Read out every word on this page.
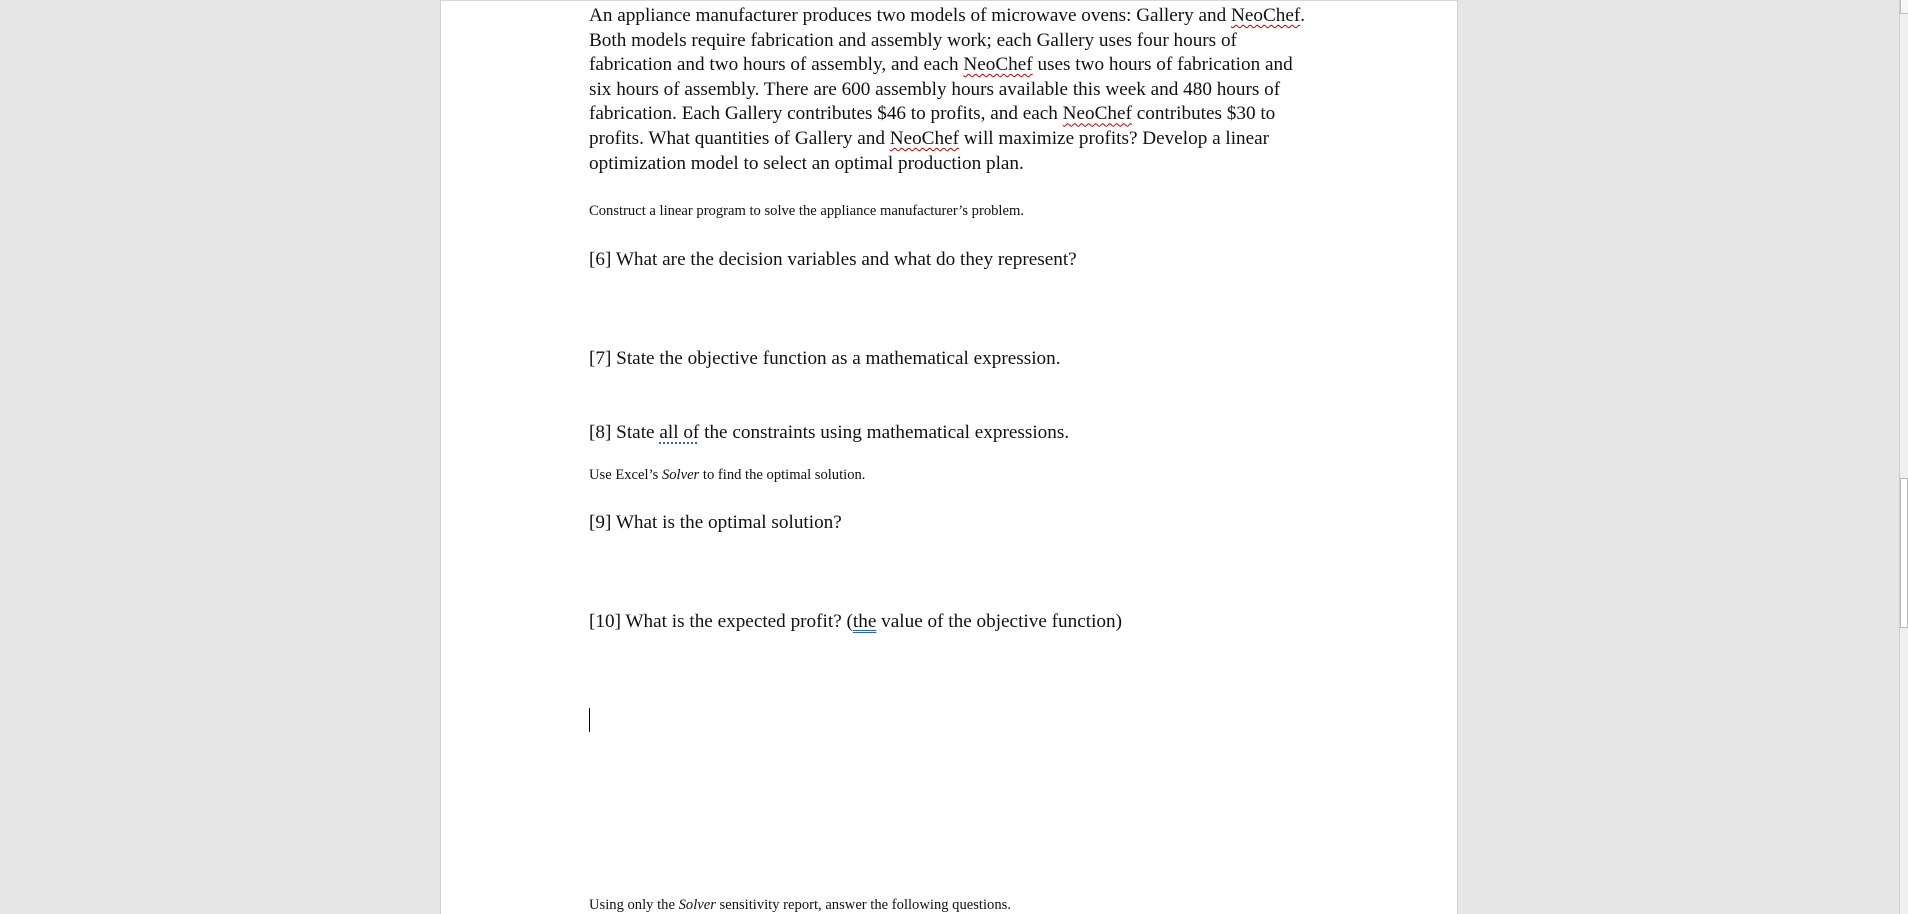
An appliance manufacturer produces two models of microwave ovens: Gallery and NeoChef. Both models require fabrication and assembly work; each Gallery uses four hours of fabrication and two hours of assembly, and each NeoChef uses two hours of fabrication and six hours of assembly. There are 600 assembly hours available this week and 480 hours of fabrication. Each Gallery contributes $46 to profits, and each NeoChef contributes $30 to profits. What quantities of Gallery and NeoChef will maximize profits? Develop a linear optimization model to select an optimal production plan.

Construct a linear program to solve the appliance manufacturer’s problem.

[6] What are the decision variables and what do they represent?

[7] State the objective function as a mathematical expression.

[8] State all of the constraints using mathematical expressions.

Use Excel’s Solver to find the optimal solution.

[9] What is the optimal solution?

[10] What is the expected profit? (the value of the objective function)

Using only the Solver sensitivity report, answer the following questions.
